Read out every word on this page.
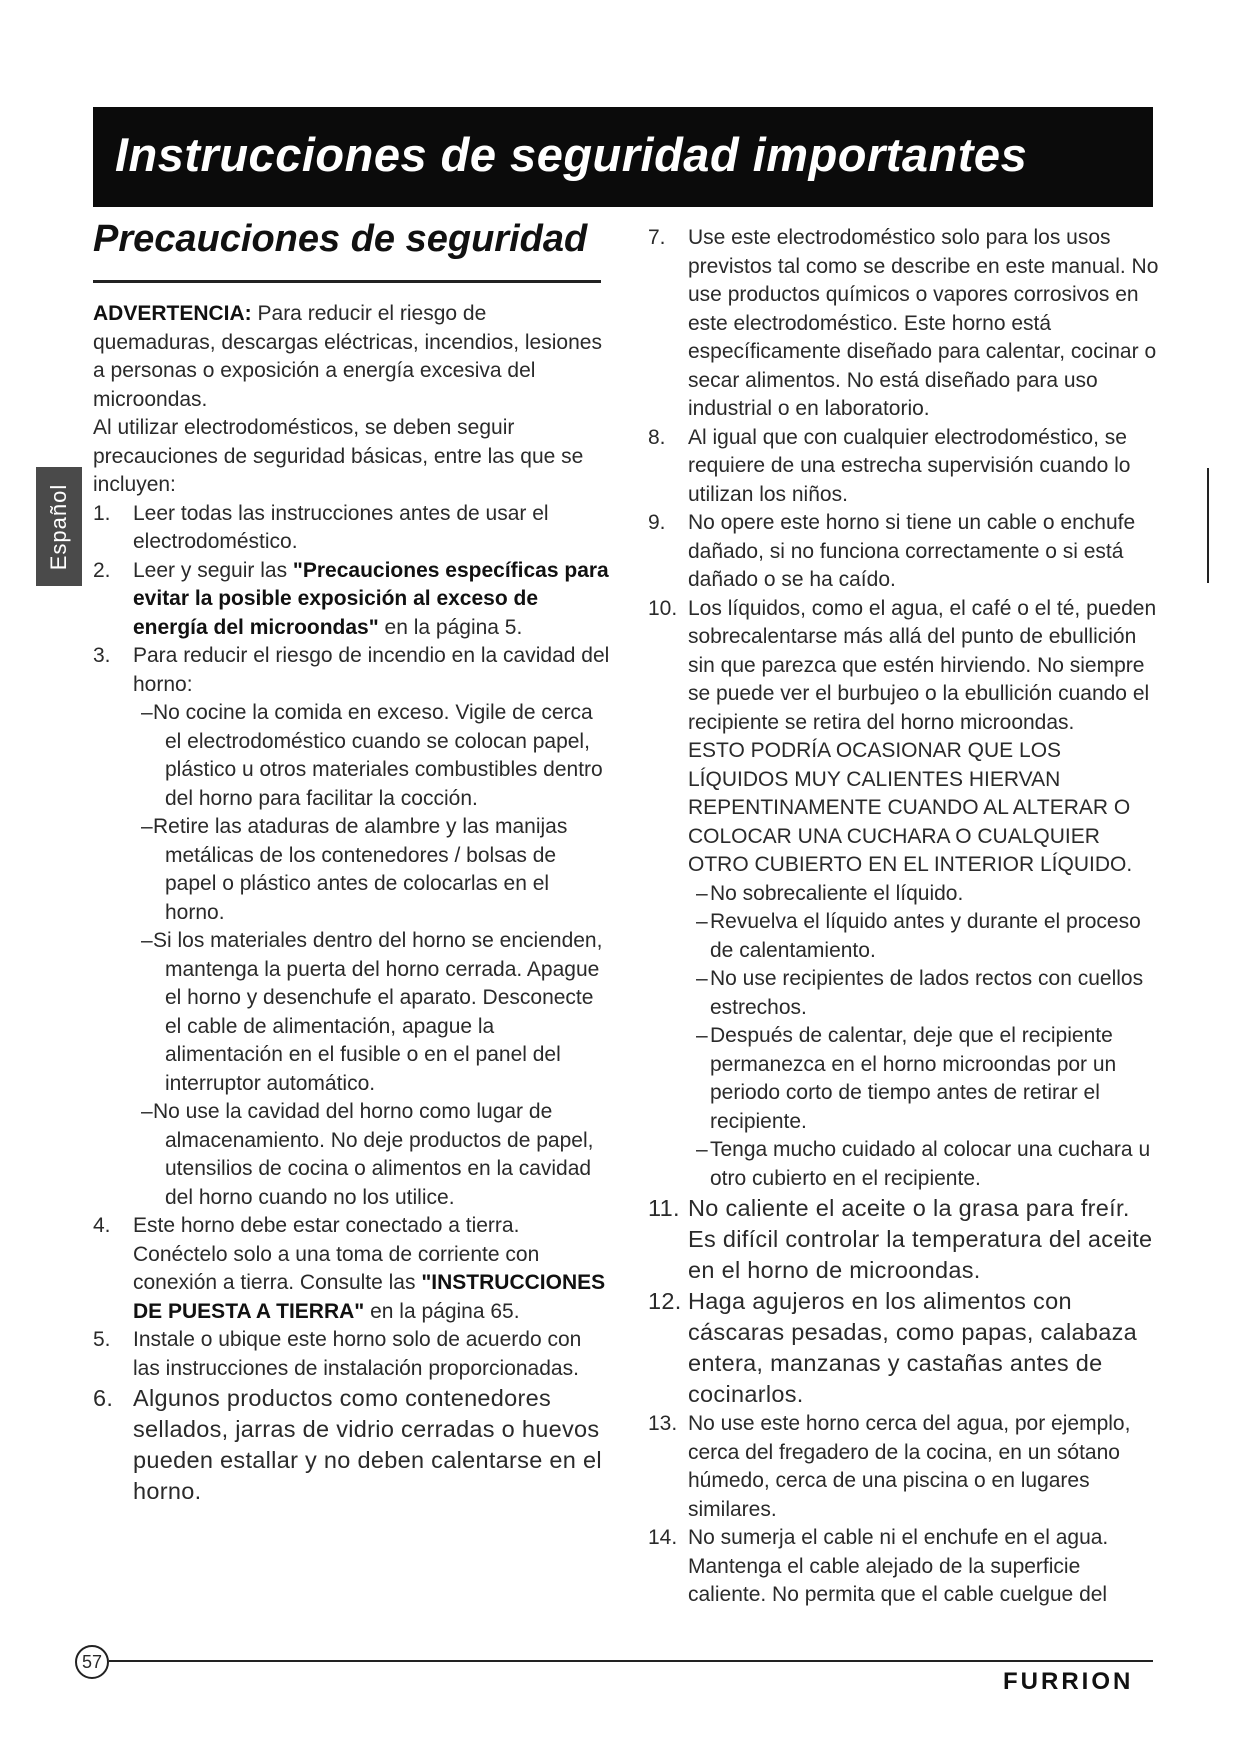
Instrucciones de seguridad importantes
Precauciones de seguridad
Español

ADVERTENCIA: Para reducir el riesgo de quemaduras, descargas eléctricas, incendios, lesiones a personas o exposición a energía excesiva del microondas.

Al utilizar electrodomésticos, se deben seguir precauciones de seguridad básicas, entre las que se incluyen:

1. Leer todas las instrucciones antes de usar el electrodoméstico.
2. Leer y seguir las "Precauciones específicas para evitar la posible exposición al exceso de energía del microondas" en la página 5.
3. Para reducir el riesgo de incendio en la cavidad del horno:
– No cocine la comida en exceso. Vigile de cerca el electrodoméstico cuando se colocan papel, plástico u otros materiales combustibles dentro del horno para facilitar la cocción.
– Retire las ataduras de alambre y las manijas metálicas de los contenedores / bolsas de papel o plástico antes de colocarlas en el horno.
– Si los materiales dentro del horno se encienden, mantenga la puerta del horno cerrada. Apague el horno y desenchufe el aparato. Desconecte el cable de alimentación, apague la alimentación en el fusible o en el panel del interruptor automático.
– No use la cavidad del horno como lugar de almacenamiento. No deje productos de papel, utensilios de cocina o alimentos en la cavidad del horno cuando no los utilice.
4. Este horno debe estar conectado a tierra. Conéctelo solo a una toma de corriente con conexión a tierra. Consulte las "INSTRUCCIONES DE PUESTA A TIERRA" en la página 65.
5. Instale o ubique este horno solo de acuerdo con las instrucciones de instalación proporcionadas.
6. Algunos productos como contenedores sellados, jarras de vidrio cerradas o huevos pueden estallar y no deben calentarse en el horno.
7. Use este electrodoméstico solo para los usos previstos tal como se describe en este manual. No use productos químicos o vapores corrosivos en este electrodoméstico. Este horno está específicamente diseñado para calentar, cocinar o secar alimentos. No está diseñado para uso industrial o en laboratorio.
8. Al igual que con cualquier electrodoméstico, se requiere de una estrecha supervisión cuando lo utilizan los niños.
9. No opere este horno si tiene un cable o enchufe dañado, si no funciona correctamente o si está dañado o se ha caído.
10. Los líquidos, como el agua, el café o el té, pueden sobrecalentarse más allá del punto de ebullición sin que parezca que estén hirviendo. No siempre se puede ver el burbujeo o la ebullición cuando el recipiente se retira del horno microondas.
ESTO PODRÍA OCASIONAR QUE LOS LÍQUIDOS MUY CALIENTES HIERVAN REPENTINAMENTE CUANDO AL ALTERAR O COLOCAR UNA CUCHARA O CUALQUIER OTRO CUBIERTO EN EL INTERIOR LÍQUIDO.
– No sobrecaliente el líquido.
– Revuelva el líquido antes y durante el proceso de calentamiento.
– No use recipientes de lados rectos con cuellos estrechos.
– Después de calentar, deje que el recipiente permanezca en el horno microondas por un periodo corto de tiempo antes de retirar el recipiente.
– Tenga mucho cuidado al colocar una cuchara u otro cubierto en el recipiente.
11. No caliente el aceite o la grasa para freír. Es difícil controlar la temperatura del aceite en el horno de microondas.
12. Haga agujeros en los alimentos con cáscaras pesadas, como papas, calabaza entera, manzanas y castañas antes de cocinarlos.
13. No use este horno cerca del agua, por ejemplo, cerca del fregadero de la cocina, en un sótano húmedo, cerca de una piscina o en lugares similares.
14. No sumerja el cable ni el enchufe en el agua. Mantenga el cable alejado de la superficie caliente. No permita que el cable cuelgue del
57
FURRION
